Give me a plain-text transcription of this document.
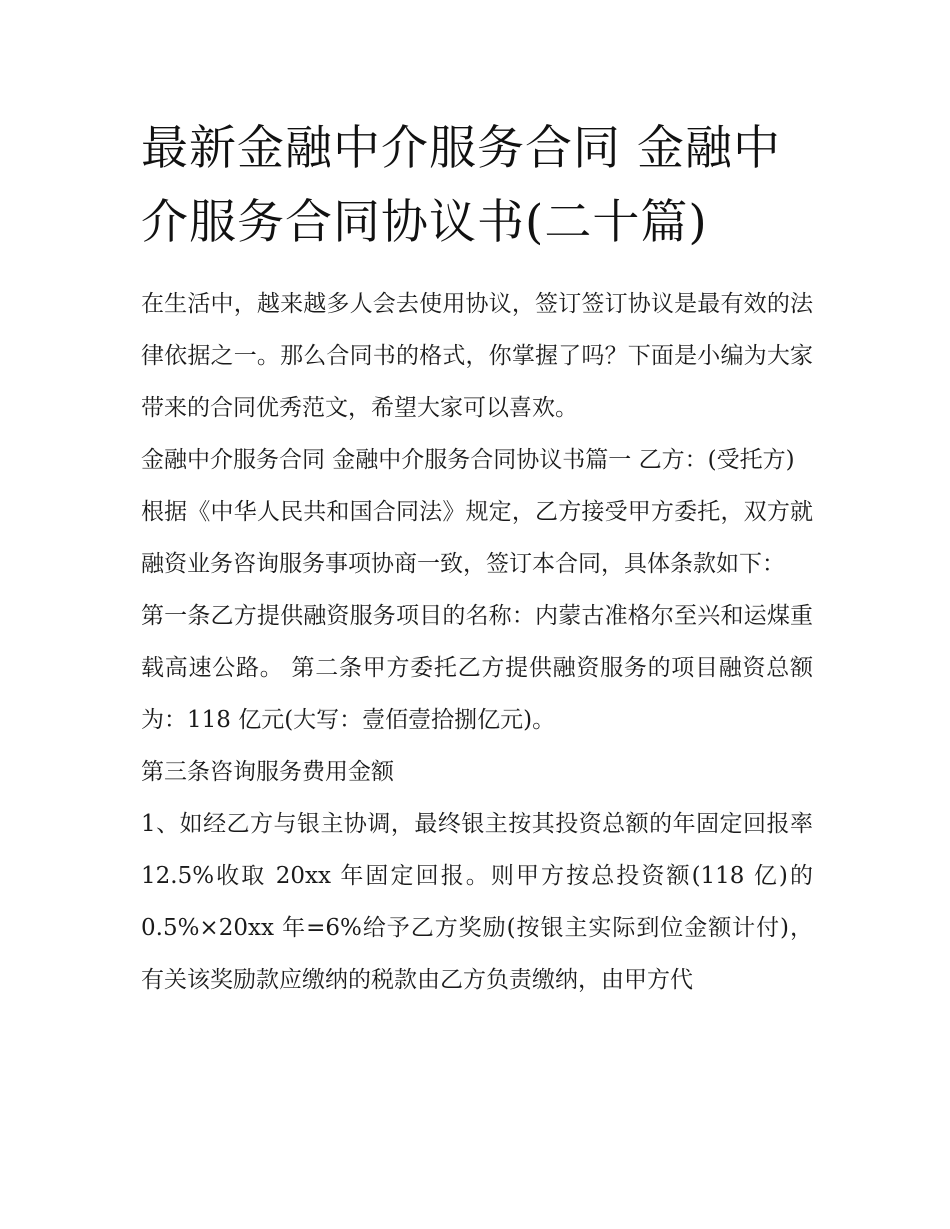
最新金融中介服务合同 金融中介服务合同协议书(二十篇)

在生活中，越来越多人会去使用协议，签订签订协议是最有效的法律依据之一。那么合同书的格式，你掌握了吗？下面是小编为大家带来的合同优秀范文，希望大家可以喜欢。

金融中介服务合同 金融中介服务合同协议书篇一 乙方：(受托方)

根据《中华人民共和国合同法》规定，乙方接受甲方委托，双方就融资业务咨询服务事项协商一致，签订本合同，具体条款如下：

第一条乙方提供融资服务项目的名称：内蒙古准格尔至兴和运煤重载高速公路。 第二条甲方委托乙方提供融资服务的项目融资总额为：118 亿元(大写：壹佰壹拾捌亿元)。

第三条咨询服务费用金额

1、如经乙方与银主协调，最终银主按其投资总额的年固定回报率 12.5%收取 20xx 年固定回报。则甲方按总投资额(118 亿)的 0.5%×20xx 年=6%给予乙方奖励(按银主实际到位金额计付)，有关该奖励款应缴纳的税款由乙方负责缴纳，由甲方代
